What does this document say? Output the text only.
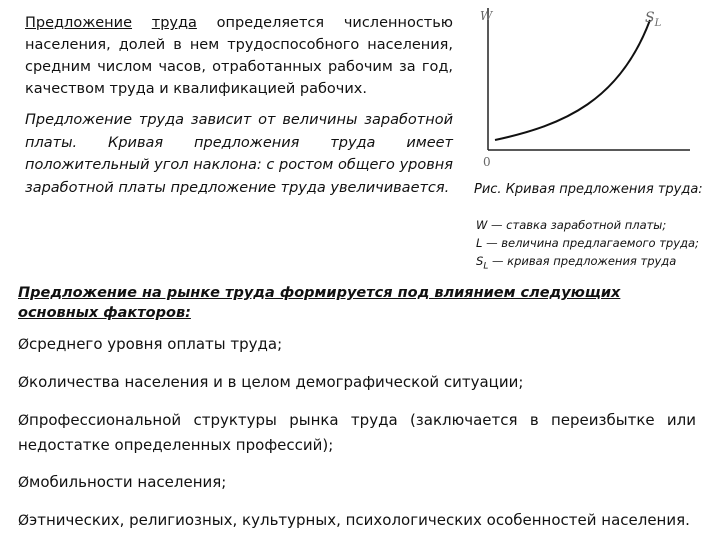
Предложение труда определяется численностью населения, долей в нем трудоспособного населения, средним числом часов, отработанных рабочим за год,
качеством труда и квалификацией рабочих.
Предложение труда зависит от величины заработной платы. Кривая предложения труда имеет положительный угол наклона: с ростом общего уровня заработной платы предложение труда увеличивается.
W
0
$S_L$
Рис. Кривая предложения труда:
W — ставка заработной платы;
L — величина предлагаемого труда;
$S_L$ — кривая предложения труда
Предложение на рынке труда формируется под влиянием следующих основных факторов:
Øсреднего уровня оплаты труда;
Øколичества населения и в целом демографической ситуации;
Øпрофессиональной структуры рынка труда (заключается в переизбытке или недостатке определенных профессий);
Øмобильности населения;
Øэтнических, религиозных, культурных, психологических особенностей населения.
